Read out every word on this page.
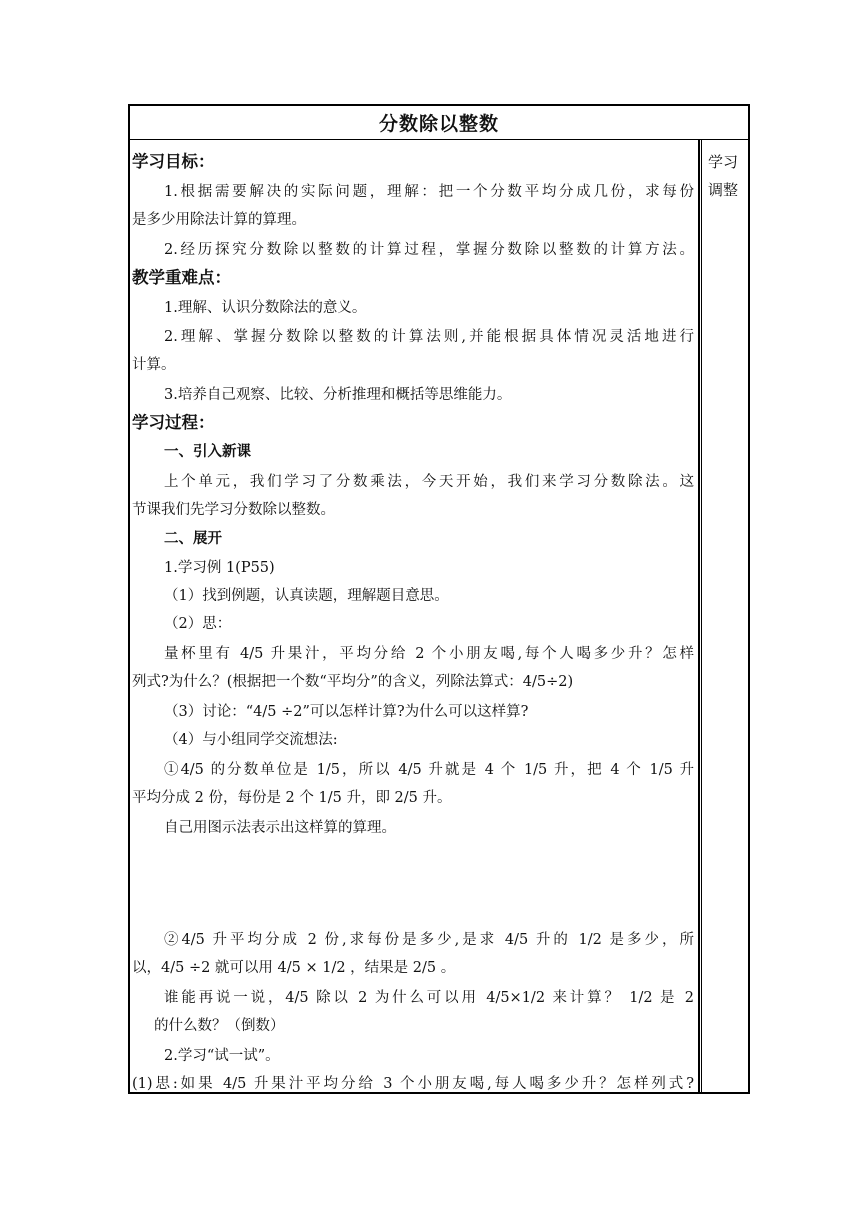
分数除以整数
学习
调整
学习目标：
1.根据需要解决的实际问题，理解：把一个分数平均分成几份，求每份
是多少用除法计算的算理。
2.经历探究分数除以整数的计算过程，掌握分数除以整数的计算方法。
教学重难点：
1.理解、认识分数除法的意义。
2.理解、掌握分数除以整数的计算法则,并能根据具体情况灵活地进行
计算。
3.培养自己观察、比较、分析推理和概括等思维能力。
学习过程：
一、引入新课
上个单元，我们学习了分数乘法，今天开始，我们来学习分数除法。这
节课我们先学习分数除以整数。
二、展开
1.学习例 1(P55)
（1）找到例题，认真读题，理解题目意思。
（2）思：
量杯里有 4/5 升果汁，平均分给 2 个小朋友喝,每个人喝多少升？怎样
列式?为什么？(根据把一个数“平均分”的含义，列除法算式：4/5÷2)
（3）讨论：“4/5 ÷2”可以怎样计算?为什么可以这样算?
（4）与小组同学交流想法:
①4/5 的分数单位是 1/5，所以 4/5 升就是 4 个 1/5 升，把 4 个 1/5 升
平均分成 2 份，每份是 2 个 1/5 升，即 2/5 升。
自己用图示法表示出这样算的算理。
②4/5 升平均分成 2 份,求每份是多少,是求 4/5 升的 1/2 是多少，所
以，4/5 ÷2 就可以用 4/5 × 1/2 ，结果是 2/5 。
谁能再说一说，4/5 除以 2 为什么可以用 4/5×1/2 来计算？ 1/2 是 2
的什么数？（倒数）
2.学习“试一试”。
(1)思:如果 4/5 升果汁平均分给 3 个小朋友喝,每人喝多少升？怎样列式?
